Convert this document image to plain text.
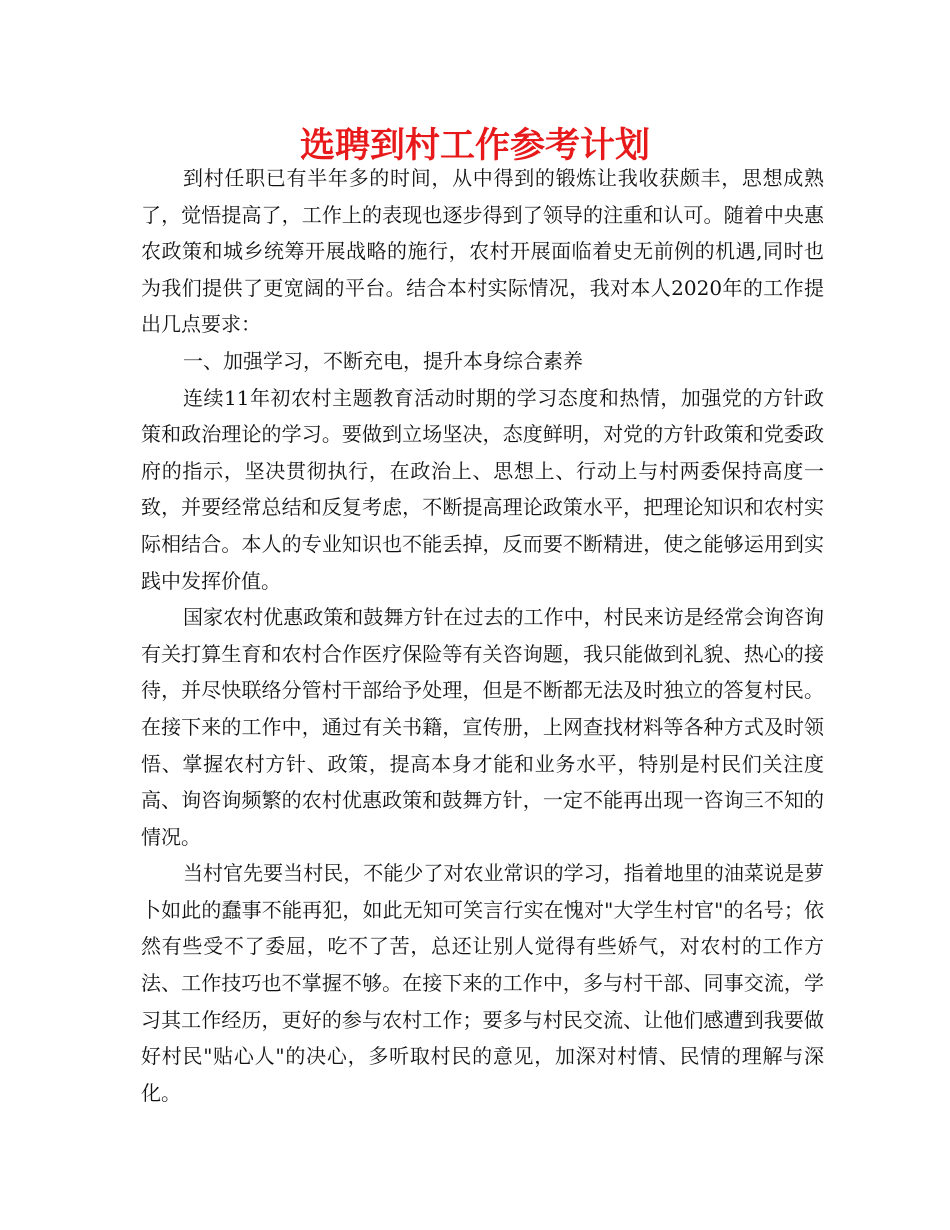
选聘到村工作参考计划

到村任职已有半年多的时间，从中得到的锻炼让我收获颇丰，思想成熟了，觉悟提高了，工作上的表现也逐步得到了领导的注重和认可。随着中央惠农政策和城乡统筹开展战略的施行，农村开展面临着史无前例的机遇,同时也为我们提供了更宽阔的平台。结合本村实际情况，我对本人2020年的工作提出几点要求：

一、加强学习，不断充电，提升本身综合素养

连续11年初农村主题教育活动时期的学习态度和热情，加强党的方针政策和政治理论的学习。要做到立场坚决，态度鲜明，对党的方针政策和党委政府的指示，坚决贯彻执行，在政治上、思想上、行动上与村两委保持高度一致，并要经常总结和反复考虑，不断提高理论政策水平，把理论知识和农村实际相结合。本人的专业知识也不能丢掉，反而要不断精进，使之能够运用到实践中发挥价值。

国家农村优惠政策和鼓舞方针在过去的工作中，村民来访是经常会询咨询有关打算生育和农村合作医疗保险等有关咨询题，我只能做到礼貌、热心的接待，并尽快联络分管村干部给予处理，但是不断都无法及时独立的答复村民。在接下来的工作中，通过有关书籍，宣传册，上网查找材料等各种方式及时领悟、掌握农村方针、政策，提高本身才能和业务水平，特别是村民们关注度高、询咨询频繁的农村优惠政策和鼓舞方针，一定不能再出现一咨询三不知的情况。

当村官先要当村民，不能少了对农业常识的学习，指着地里的油菜说是萝卜如此的蠢事不能再犯，如此无知可笑言行实在愧对"大学生村官"的名号；依然有些受不了委屈，吃不了苦，总还让别人觉得有些娇气，对农村的工作方法、工作技巧也不掌握不够。在接下来的工作中，多与村干部、同事交流，学习其工作经历，更好的参与农村工作；要多与村民交流、让他们感遭到我要做好村民"贴心人"的决心，多听取村民的意见，加深对村情、民情的理解与深化。
